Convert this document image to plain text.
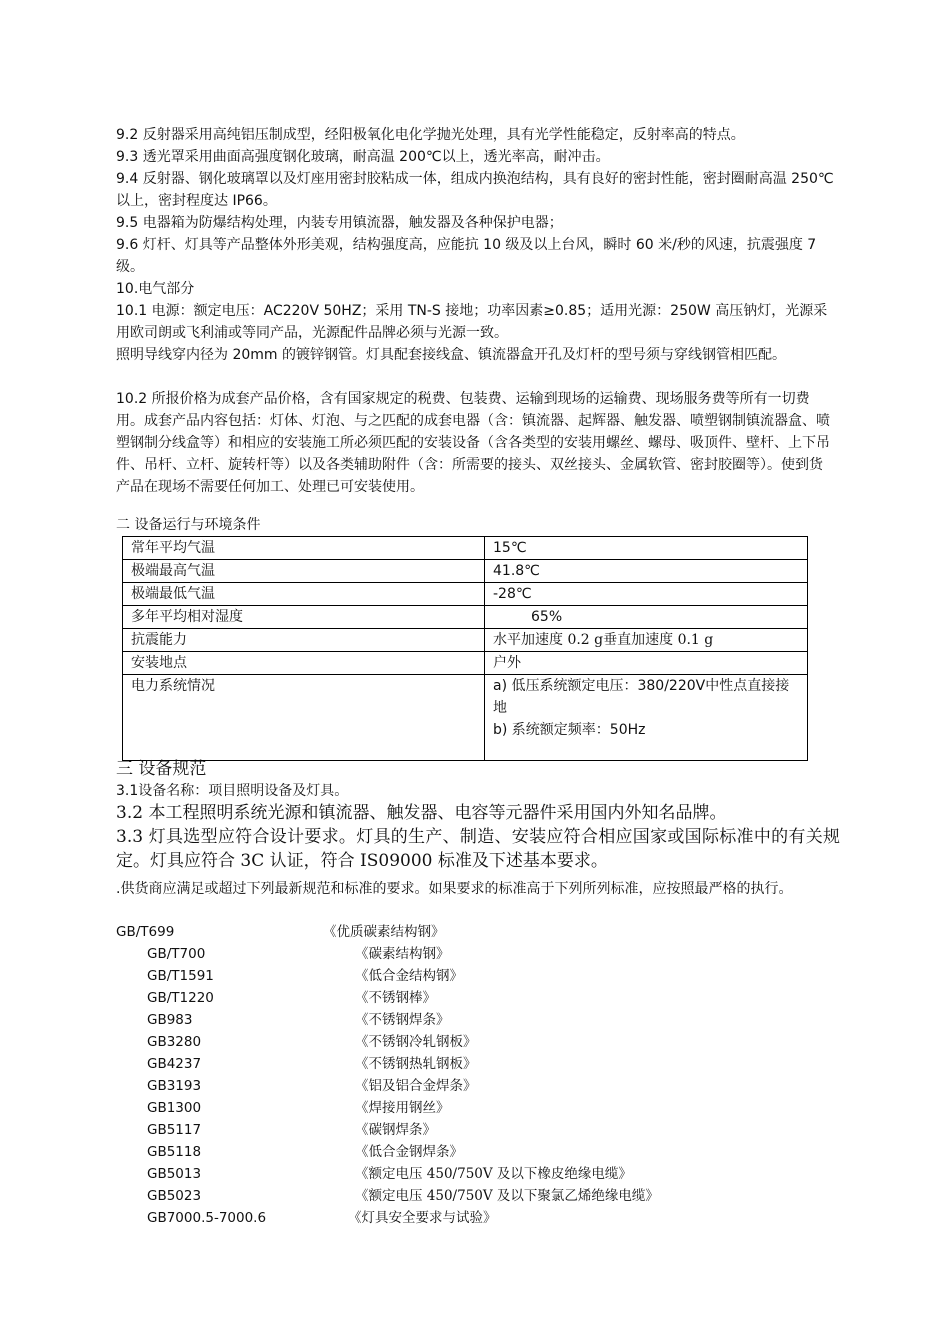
9.2 反射器采用高纯铝压制成型，经阳极氧化电化学抛光处理，具有光学性能稳定，反射率高的特点。
9.3 透光罩采用曲面高强度钢化玻璃，耐高温 200℃以上，透光率高，耐冲击。
9.4 反射器、钢化玻璃罩以及灯座用密封胶粘成一体，组成内换泡结构，具有良好的密封性能，密封圈耐高温 250℃以上，密封程度达 IP66。
9.5 电器箱为防爆结构处理，内装专用镇流器，触发器及各种保护电器；
9.6 灯杆、灯具等产品整体外形美观，结构强度高，应能抗 10 级及以上台风，瞬时 60 米/秒的风速，抗震强度 7 级。
10.电气部分
10.1 电源：额定电压：AC220V 50HZ；采用 TN-S 接地；功率因素≥0.85；适用光源：250W 高压钠灯，光源采用欧司朗或飞利浦或等同产品，光源配件品牌必须与光源一致。
照明导线穿内径为 20mm 的镀锌钢管。灯具配套接线盒、镇流器盒开孔及灯杆的型号须与穿线钢管相匹配。
10.2 所报价格为成套产品价格，含有国家规定的税费、包装费、运输到现场的运输费、现场服务费等所有一切费用。成套产品内容包括：灯体、灯泡、与之匹配的成套电器（含：镇流器、起辉器、触发器、喷塑钢制镇流器盒、喷塑钢制分线盒等）和相应的安装施工所必须匹配的安装设备（含各类型的安装用螺丝、螺母、吸顶件、壁杆、上下吊件、吊杆、立杆、旋转杆等）以及各类辅助附件（含：所需要的接头、双丝接头、金属软管、密封胶圈等）。使到货产品在现场不需要任何加工、处理已可安装使用。
二 设备运行与环境条件
常年平均气温	15℃
极端最高气温	41.8℃
极端最低气温	-28℃
多年平均相对湿度	65%
抗震能力	水平加速度 0.2 g垂直加速度 0.1 g
安装地点	户外
电力系统情况	a) 低压系统额定电压：380/220V中性点直接接地
b) 系统额定频率：50Hz
三 设备规范
3.1设备名称：项目照明设备及灯具。
3.2 本工程照明系统光源和镇流器、触发器、电容等元器件采用国内外知名品牌。
3.3 灯具选型应符合设计要求。灯具的生产、制造、安装应符合相应国家或国际标准中的有关规定。灯具应符合 3C 认证，符合 IS09000 标准及下述基本要求。
.供货商应满足或超过下列最新规范和标准的要求。如果要求的标准高于下列所列标准，应按照最严格的执行。
GB/T699	《优质碳素结构钢》
GB/T700	《碳素结构钢》
GB/T1591	《低合金结构钢》
GB/T1220	《不锈钢棒》
GB983	《不锈钢焊条》
GB3280	《不锈钢冷轧钢板》
GB4237	《不锈钢热轧钢板》
GB3193	《铝及铝合金焊条》
GB1300	《焊接用钢丝》
GB5117	《碳钢焊条》
GB5118	《低合金钢焊条》
GB5013	《额定电压 450/750V 及以下橡皮绝缘电缆》
GB5023	《额定电压 450/750V 及以下聚氯乙烯绝缘电缆》
GB7000.5-7000.6	《灯具安全要求与试验》
